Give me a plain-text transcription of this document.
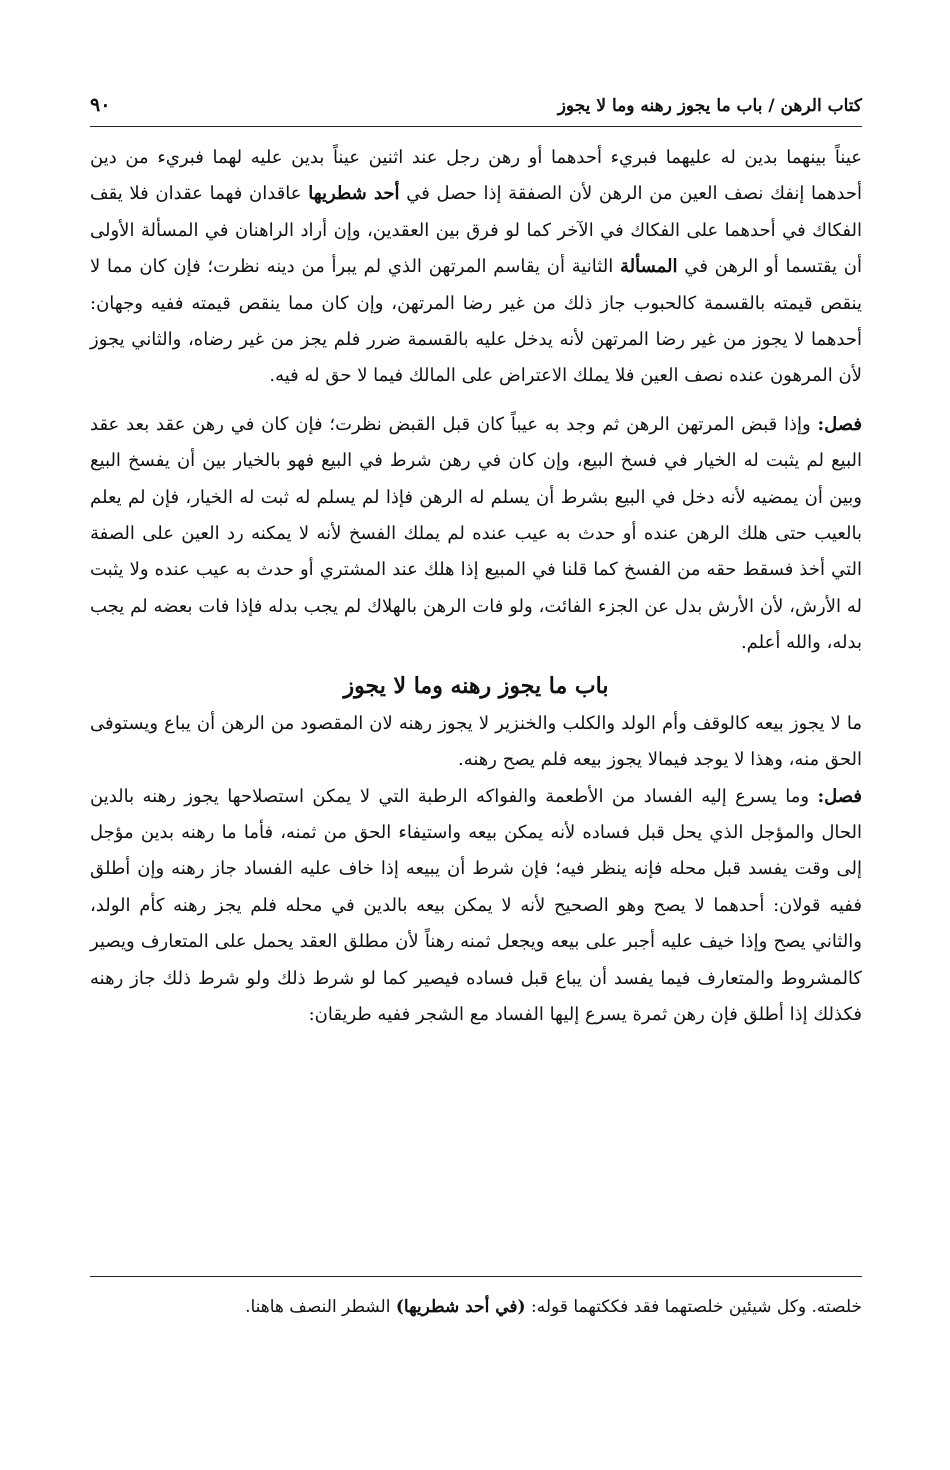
كتاب الرهن / باب ما يجوز رهنه وما لا يجوز
٩٠

عيناً بينهما بدين له عليهما فبريء أحدهما أو رهن رجل عند اثنين عيناً بدين عليه لهما فبريء من دين أحدهما إنفك نصف العين من الرهن لأن الصفقة إذا حصل في أحد شطريها عاقدان فهما عقدان فلا يقف الفكاك في أحدهما على الفكاك في الآخر كما لو فرق بين العقدين، وإن أراد الراهنان في المسألة الأولى أن يقتسما أو الرهن في المسألة الثانية أن يقاسم المرتهن الذي لم يبرأ من دينه نظرت؛ فإن كان مما لا ينقص قيمته بالقسمة كالحبوب جاز ذلك من غير رضا المرتهن، وإن كان مما ينقص قيمته ففيه وجهان: أحدهما لا يجوز من غير رضا المرتهن لأنه يدخل عليه بالقسمة ضرر فلم يجز من غير رضاه، والثاني يجوز لأن المرهون عنده نصف العين فلا يملك الاعتراض على المالك فيما لا حق له فيه.

فصل: وإذا قبض المرتهن الرهن ثم وجد به عيباً كان قبل القبض نظرت؛ فإن كان في رهن عقد بعد عقد البيع لم يثبت له الخيار في فسخ البيع، وإن كان في رهن شرط في البيع فهو بالخيار بين أن يفسخ البيع وبين أن يمضيه لأنه دخل في البيع بشرط أن يسلم له الرهن فإذا لم يسلم له ثبت له الخيار، فإن لم يعلم بالعيب حتى هلك الرهن عنده أو حدث به عيب عنده لم يملك الفسخ لأنه لا يمكنه رد العين على الصفة التي أخذ فسقط حقه من الفسخ كما قلنا في المبيع إذا هلك عند المشتري أو حدث به عيب عنده ولا يثبت له الأرش، لأن الأرش بدل عن الجزء الفائت، ولو فات الرهن بالهلاك لم يجب بدله فإذا فات بعضه لم يجب بدله، والله أعلم.

باب ما يجوز رهنه وما لا يجوز

ما لا يجوز بيعه كالوقف وأم الولد والكلب والخنزير لا يجوز رهنه لان المقصود من الرهن أن يباع ويستوفى الحق منه، وهذا لا يوجد فيمالا يجوز بيعه فلم يصح رهنه.

فصل: وما يسرع إليه الفساد من الأطعمة والفواكه الرطبة التي لا يمكن استصلاحها يجوز رهنه بالدين الحال والمؤجل الذي يحل قبل فساده لأنه يمكن بيعه واستيفاء الحق من ثمنه، فأما ما رهنه بدين مؤجل إلى وقت يفسد قبل محله فإنه ينظر فيه؛ فإن شرط أن يبيعه إذا خاف عليه الفساد جاز رهنه وإن أطلق ففيه قولان: أحدهما لا يصح وهو الصحيح لأنه لا يمكن بيعه بالدين في محله فلم يجز رهنه كأم الولد، والثاني يصح وإذا خيف عليه أجبر على بيعه ويجعل ثمنه رهناً لأن مطلق العقد يحمل على المتعارف ويصير كالمشروط والمتعارف فيما يفسد أن يباع قبل فساده فيصير كما لو شرط ذلك ولو شرط ذلك جاز رهنه فكذلك إذا أطلق فإن رهن ثمرة يسرع إليها الفساد مع الشجر ففيه طريقان:

خلصته. وكل شيئين خلصتهما فقد فككتهما قوله: (في أحد شطريها) الشطر النصف هاهنا.
